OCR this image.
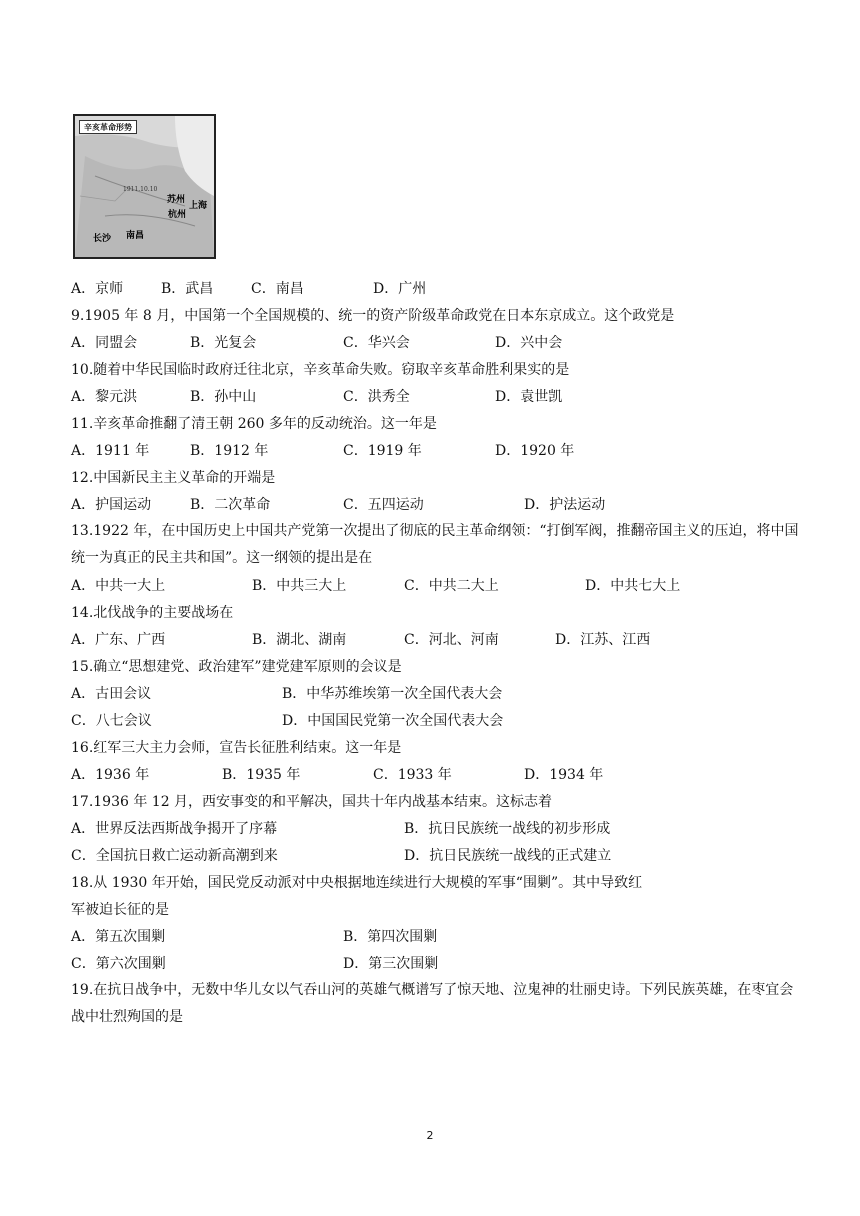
辛亥革命形势
1911.10.10
苏州
杭州
上海
长沙 南昌
A．京师	B．武昌	C．南昌	D．广州
9.1905 年 8 月，中国第一个全国规模的、统一的资产阶级革命政党在日本东京成立。这个政党是
A．同盟会	B．光复会	C．华兴会	D．兴中会
10.随着中华民国临时政府迁往北京，辛亥革命失败。窃取辛亥革命胜利果实的是
A．黎元洪	B．孙中山	C．洪秀全	D．袁世凯
11.辛亥革命推翻了清王朝 260 多年的反动统治。这一年是
A．1911 年	B．1912 年	C．1919 年	D．1920 年
12.中国新民主主义革命的开端是
A．护国运动	B．二次革命	C．五四运动	D．护法运动
13.1922 年，在中国历史上中国共产党第一次提出了彻底的民主革命纲领：“打倒军阀，推翻帝国主义的压迫，将中国统一为真正的民主共和国”。这一纲领的提出是在
A．中共一大上	B．中共三大上	C．中共二大上	D．中共七大上
14.北伐战争的主要战场在
A．广东、广西	B．湖北、湖南	C．河北、河南	D．江苏、江西
15.确立“思想建党、政治建军”建党建军原则的会议是
A．古田会议	B．中华苏维埃第一次全国代表大会
C．八七会议	D．中国国民党第一次全国代表大会
16.红军三大主力会师，宣告长征胜利结束。这一年是
A．1936 年	B．1935 年	C．1933 年	D．1934 年
17.1936 年 12 月，西安事变的和平解决，国共十年内战基本结束。这标志着
A．世界反法西斯战争揭开了序幕	B．抗日民族统一战线的初步形成
C．全国抗日救亡运动新高潮到来	D．抗日民族统一战线的正式建立
18.从 1930 年开始，国民党反动派对中央根据地连续进行大规模的军事“围剿”。其中导致红
军被迫长征的是
A．第五次围剿	B．第四次围剿
C．第六次围剿	D．第三次围剿
19.在抗日战争中，无数中华儿女以气吞山河的英雄气概谱写了惊天地、泣鬼神的壮丽史诗。下列民族英雄，在枣宜会战中壮烈殉国的是
2
